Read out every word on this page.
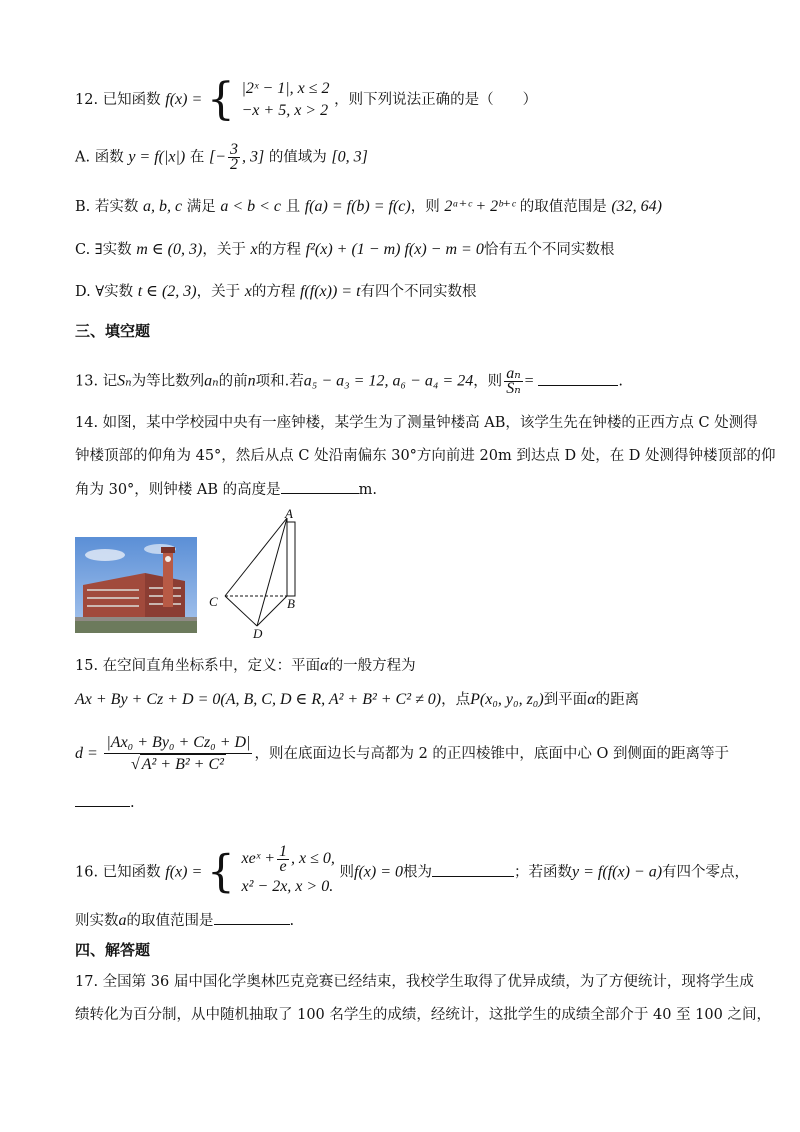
12. 已知函数 f(x) = { |2ˣ − 1|, x ≤ 2
−x + 5, x > 2
，则下列说法正确的是（　　）
A. 函数 y = f(|x|) 在 [− $\frac{3}{2}$ , 3] 的值域为 [0, 3]
B. 若实数 a, b, c 满足 a < b < c 且 f(a) = f(b) = f(c)，则 2ᵃ⁺ᶜ + 2ᵇ⁺ᶜ 的取值范围是 (32, 64)
C. ∃实数 m ∈ (0, 3)，关于 x的方程 f²(x) + (1 − m) f(x) − m = 0恰有五个不同实数根
D. ∀实数 t ∈ (2, 3)，关于 x的方程 f(f(x)) = t有四个不同实数根
三、填空题
13. 记Sₙ为等比数列aₙ的前n项和.若a₅ − a₃ = 12, a₆ − a₄ = 24，则 $\frac{\text{aₙ}}{\text{Sₙ}}$ =	.
14. 如图，某中学校园中央有一座钟楼，某学生为了测量钟楼高 AB，该学生先在钟楼的正西方点 C 处测得
钟楼顶部的仰角为 45°，然后从点 C 处沿南偏东 30°方向前进 20m 到达点 D 处，在 D 处测得钟楼顶部的仰
角为 30°，则钟楼 AB 的高度是	m.
A
B
C
D
15. 在空间直角坐标系中，定义：平面α的一般方程为
Ax + By + Cz + D = 0(A, B, C, D ∈ R, A² + B² + C² ≠ 0)，点P(x₀, y₀, z₀)到平面α的距离
$d = \frac{\text{|Ax₀ + By₀ + Cz₀ + D|}}{\text{√ A² + B² + C²}}$ ，则在底面边长与高都为 2 的正四棱锥中，底面中心 O 到侧面的距离等于
.
16. 已知函数 f(x) = { xeˣ + $\frac{1}{e}$ , x ≤ 0,
x² − 2x, x > 0.
则f(x) = 0根为	；若函数y = f(f(x) − a)有四个零点，
则实数a的取值范围是	.
四、解答题
17. 全国第 36 届中国化学奥林匹克竞赛已经结束，我校学生取得了优异成绩，为了方便统计，现将学生成
绩转化为百分制，从中随机抽取了 100 名学生的成绩，经统计，这批学生的成绩全部介于 40 至 100 之间，
